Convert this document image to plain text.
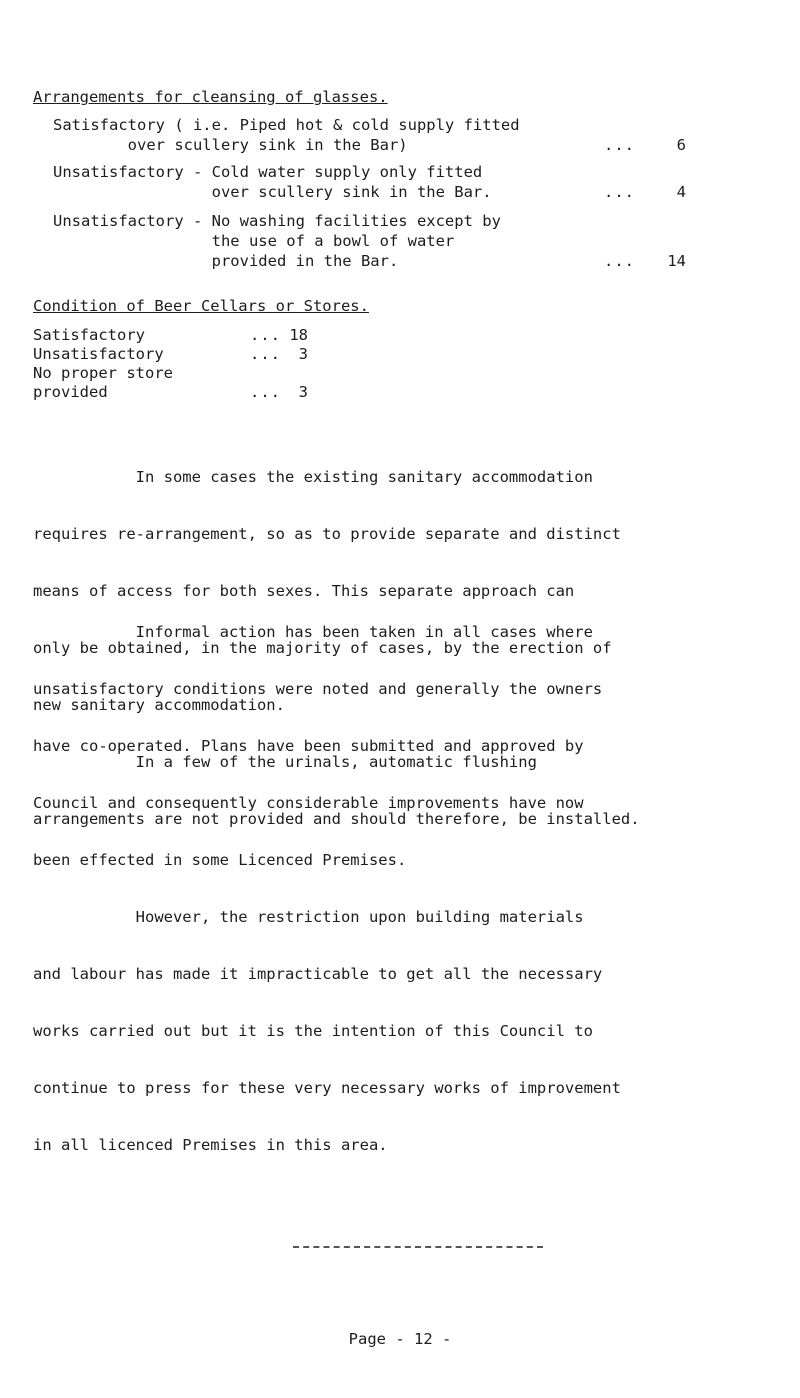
Arrangements for cleansing of glasses.
Satisfactory ( i.e. Piped hot & cold supply fitted
over scullery sink in the Bar)	...	6
Unsatisfactory - Cold water supply only fitted
over scullery sink in the Bar.	...	4
Unsatisfactory - No washing facilities except by
the use of a bowl of water
provided in the Bar.	...	14
Condition of Beer Cellars or Stores.
Satisfactory	... 18
Unsatisfactory	...	3
No proper store
provided	...	3

In some cases the existing sanitary accommodation

requires re-arrangement, so as to provide separate and distinct

means of access for both sexes. This separate approach can

only be obtained, in the majority of cases, by the erection of

new sanitary accommodation.

In a few of the urinals, automatic flushing

arrangements are not provided and should therefore, be installed.

Informal action has been taken in all cases where

unsatisfactory conditions were noted and generally the owners

have co-operated. Plans have been submitted and approved by

Council and consequently considerable improvements have now

been effected in some Licenced Premises.

However, the restriction upon building materials

and labour has made it impracticable to get all the necessary

works carried out but it is the intention of this Council to

continue to press for these very necessary works of improvement

in all licenced Premises in this area.

Page - 12 -
